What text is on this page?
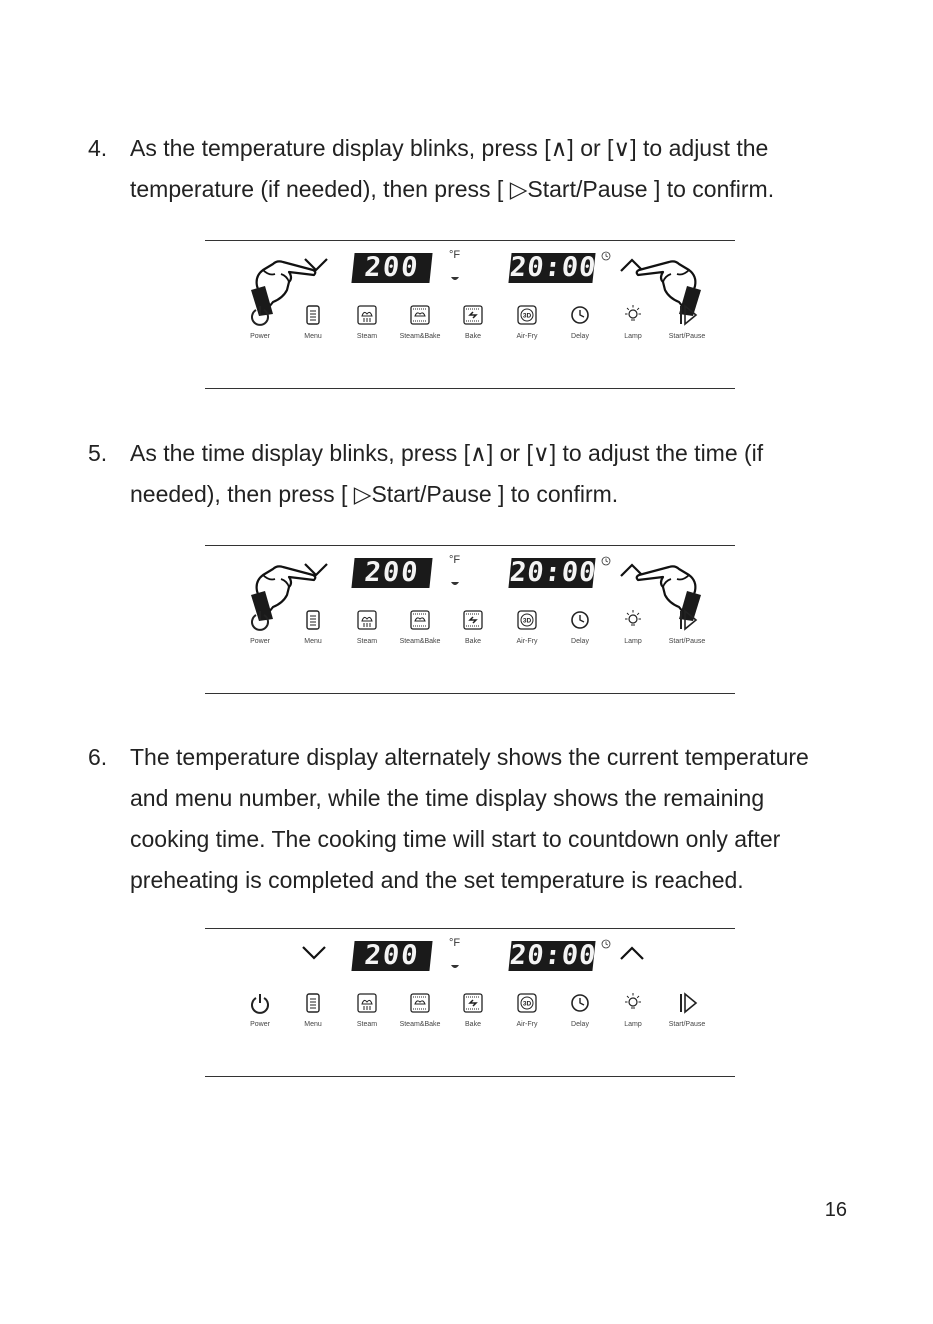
4. As the temperature display blinks, press [∧] or [∨] to adjust the
temperature (if needed), then press [ ▷Start/Pause ] to confirm.
5. As the time display blinks, press [∧] or [∨] to adjust the time (if
needed), then press [ ▷Start/Pause ] to confirm.
6. The temperature display alternately shows the current temperature
and menu number, while the time display shows the remaining
cooking time. The cooking time will start to countdown only after
preheating is completed and the set temperature is reached.
200	°F 20:00
Power	Menu	Steam	Steam&Bake	Bake
3D
Air-Fry	Delay	Lamp	Start/Pause
200	°F 20:00
Power	Menu	Steam	Steam&Bake	Bake
3D
Air-Fry	Delay	Lamp	Start/Pause
200	°F 20:00
Power	Menu	Steam	Steam&Bake	Bake
3D
Air-Fry	Delay	Lamp	Start/Pause
16
